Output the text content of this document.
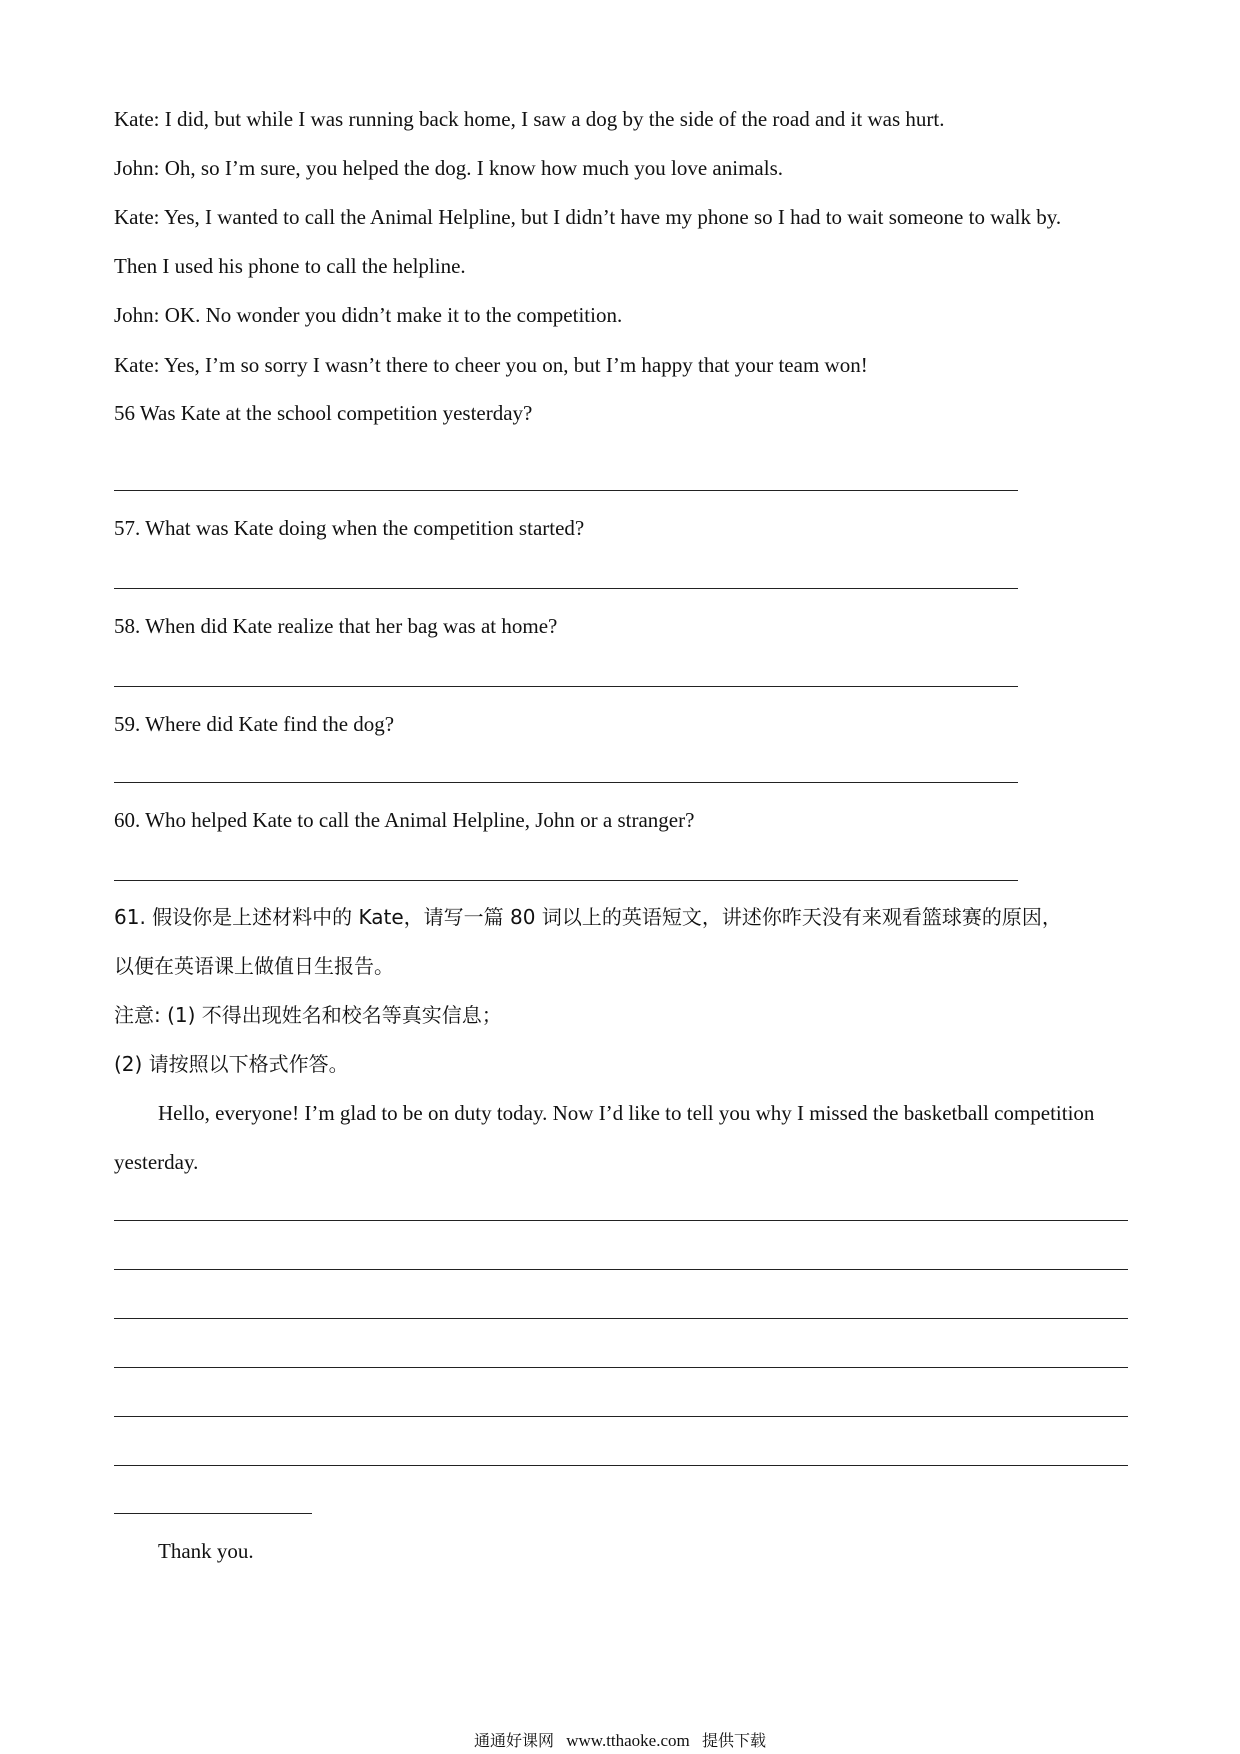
Kate: I did, but while I was running back home, I saw a dog by the side of the road and it was hurt.
John: Oh, so I’m sure, you helped the dog. I know how much you love animals.
Kate: Yes, I wanted to call the Animal Helpline, but I didn’t have my phone so I had to wait someone to walk by.
Then I used his phone to call the helpline.
John: OK. No wonder you didn’t make it to the competition.
Kate: Yes, I’m so sorry I wasn’t there to cheer you on, but I’m happy that your team won!
56 Was Kate at the school competition yesterday?
57. What was Kate doing when the competition started?
58. When did Kate realize that her bag was at home?
59. Where did Kate find the dog?
60. Who helped Kate to call the Animal Helpline, John or a stranger?
61. 假设你是上述材料中的 Kate，请写一篇 80 词以上的英语短文，讲述你昨天没有来观看篮球赛的原因，
以便在英语课上做值日生报告。
注意: (1) 不得出现姓名和校名等真实信息；
(2) 请按照以下格式作答。
Hello, everyone! I’m glad to be on duty today. Now I’d like to tell you why I missed the basketball competition
yesterday.
Thank you.
通通好课网 www.tthaoke.com 提供下载
